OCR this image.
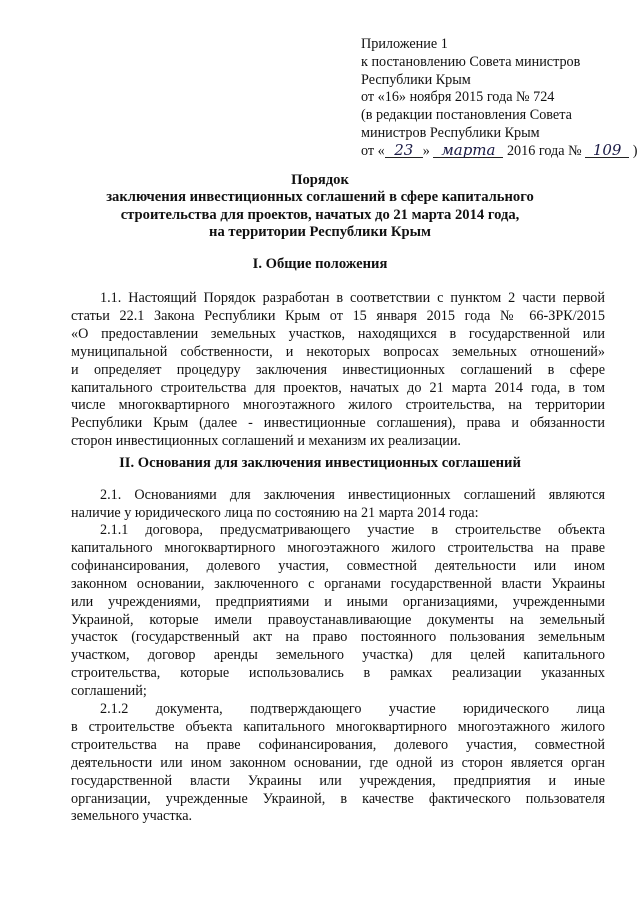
Приложение 1
к постановлению Совета министров
Республики Крым
от «16» ноября 2015 года № 724
(в редакции постановления Совета
министров Республики Крым
от « 23 » марта 2016 года № 109 )
Порядок
заключения инвестиционных соглашений в сфере капитального
строительства для проектов, начатых до 21 марта 2014 года,
на территории Республики Крым
I. Общие положения
1.1. Настоящий Порядок разработан в соответствии с пунктом 2 части первой
статьи 22.1 Закона Республики Крым от 15 января 2015 года № 66-ЗРК/2015
«О предоставлении земельных участков, находящихся в государственной или
муниципальной собственности, и некоторых вопросах земельных отношений»
и определяет процедуру заключения инвестиционных соглашений в сфере
капитального строительства для проектов, начатых до 21 марта 2014 года, в том
числе многоквартирного многоэтажного жилого строительства, на территории
Республики Крым (далее - инвестиционные соглашения), права и обязанности
сторон инвестиционных соглашений и механизм их реализации.
II. Основания для заключения инвестиционных соглашений
2.1. Основаниями для заключения инвестиционных соглашений являются
наличие у юридического лица по состоянию на 21 марта 2014 года:
2.1.1 договора, предусматривающего участие в строительстве объекта
капитального многоквартирного многоэтажного жилого строительства на праве
софинансирования, долевого участия, совместной деятельности или ином
законном основании, заключенного с органами государственной власти Украины
или учреждениями, предприятиями и иными организациями, учрежденными
Украиной, которые имели правоустанавливающие документы на земельный
участок (государственный акт на право постоянного пользования земельным
участком, договор аренды земельного участка) для целей капитального
строительства, которые использовались в рамках реализации указанных
соглашений;
2.1.2 документа, подтверждающего участие юридического лица
в строительстве объекта капитального многоквартирного многоэтажного жилого
строительства на праве софинансирования, долевого участия, совместной
деятельности или ином законном основании, где одной из сторон является орган
государственной власти Украины или учреждения, предприятия и иные
организации, учрежденные Украиной, в качестве фактического пользователя
земельного участка.
